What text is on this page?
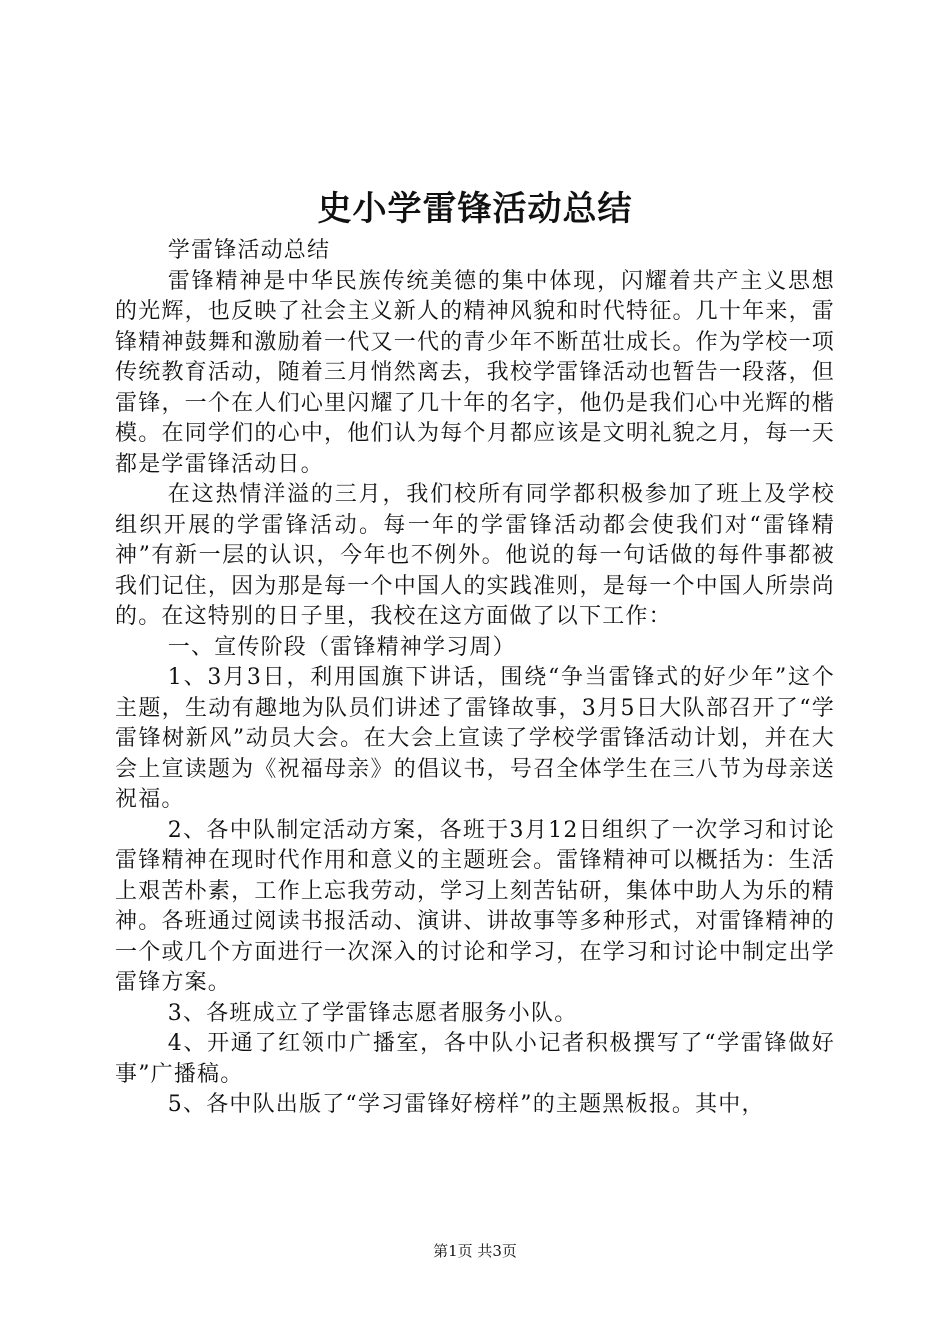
史小学雷锋活动总结

学雷锋活动总结

雷锋精神是中华民族传统美德的集中体现，闪耀着共产主义思想的光辉，也反映了社会主义新人的精神风貌和时代特征。几十年来，雷锋精神鼓舞和激励着一代又一代的青少年不断茁壮成长。作为学校一项传统教育活动，随着三月悄然离去，我校学雷锋活动也暂告一段落，但雷锋，一个在人们心里闪耀了几十年的名字，他仍是我们心中光辉的楷模。在同学们的心中，他们认为每个月都应该是文明礼貌之月，每一天都是学雷锋活动日。

在这热情洋溢的三月，我们校所有同学都积极参加了班上及学校组织开展的学雷锋活动。每一年的学雷锋活动都会使我们对“雷锋精神”有新一层的认识，今年也不例外。他说的每一句话做的每件事都被我们记住，因为那是每一个中国人的实践准则，是每一个中国人所崇尚的。在这特别的日子里，我校在这方面做了以下工作：

一、宣传阶段（雷锋精神学习周）

1、3月3日，利用国旗下讲话，围绕“争当雷锋式的好少年”这个主题，生动有趣地为队员们讲述了雷锋故事，3月5日大队部召开了“学雷锋树新风”动员大会。在大会上宣读了学校学雷锋活动计划，并在大会上宣读题为《祝福母亲》的倡议书，号召全体学生在三八节为母亲送祝福。

2、各中队制定活动方案，各班于3月12日组织了一次学习和讨论雷锋精神在现时代作用和意义的主题班会。雷锋精神可以概括为：生活上艰苦朴素，工作上忘我劳动，学习上刻苦钻研，集体中助人为乐的精神。各班通过阅读书报活动、演讲、讲故事等多种形式，对雷锋精神的一个或几个方面进行一次深入的讨论和学习，在学习和讨论中制定出学雷锋方案。

3、各班成立了学雷锋志愿者服务小队。

4、开通了红领巾广播室，各中队小记者积极撰写了“学雷锋做好事”广播稿。

5、各中队出版了“学习雷锋好榜样”的主题黑板报。其中，

第1页 共3页
